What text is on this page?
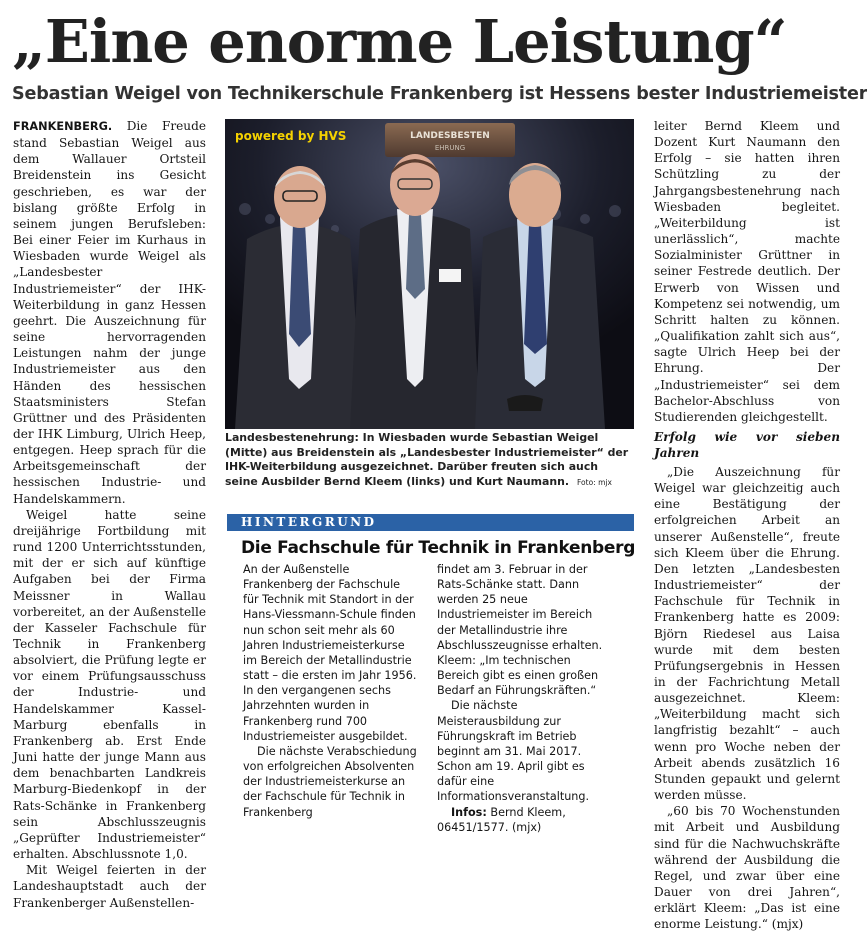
„Eine enorme Leistung“
Sebastian Weigel von Technikerschule Frankenberg ist Hessens bester Industriemeister

FRANKENBERG. Die Freude stand Sebastian Weigel aus dem Wallauer Ortsteil Breidenstein ins Gesicht geschrieben, es war der bislang größte Erfolg in seinem jungen Berufsleben: Bei einer Feier im Kurhaus in Wiesbaden wurde Weigel als „Landesbester Industriemeister“ der IHK-Weiterbildung in ganz Hessen geehrt. Die Auszeichnung für seine hervorragenden Leistungen nahm der junge Industriemeister aus den Händen des hessischen Staatsministers Stefan Grüttner und des Präsidenten der IHK Limburg, Ulrich Heep, entgegen. Heep sprach für die Arbeitsgemeinschaft der hessischen Industrie- und Handelskammern.

Weigel hatte seine dreijährige Fortbildung mit rund 1200 Unterrichtsstunden, mit der er sich auf künftige Aufgaben bei der Firma Meissner in Wallau vorbereitet, an der Außenstelle der Kasseler Fachschule für Technik in Frankenberg absolviert, die Prüfung legte er vor einem Prüfungsausschuss der Industrie- und Handelskammer Kassel-Marburg ebenfalls in Frankenberg ab. Erst Ende Juni hatte der junge Mann aus dem benachbarten Landkreis Marburg-Biedenkopf in der Rats-Schänke in Frankenberg sein Abschlusszeugnis „Geprüfter Industriemeister“ erhalten. Abschlussnote 1,0.

Mit Weigel feierten in der Landeshauptstadt auch der Frankenberger Außenstellen-

LANDESBESTEN
EHRUNG
powered by HVS
Landesbestenehrung: In Wiesbaden wurde Sebastian Weigel (Mitte) aus Breidenstein als „Landesbester Industriemeister“ der IHK-Weiterbildung ausgezeichnet. Darüber freuten sich auch seine Ausbilder Bernd Kleem (links) und Kurt Naumann. Foto: mjx
HINTERGRUND
Die Fachschule für Technik in Frankenberg

An der Außenstelle Frankenberg der Fachschule für Technik mit Standort in der Hans-Viessmann-Schule finden nun schon seit mehr als 60 Jahren Industriemeisterkurse im Bereich der Metallindustrie statt – die ersten im Jahr 1956. In den vergangenen sechs Jahrzehnten wurden in Frankenberg rund 700 Industriemeister ausgebildet.

Die nächste Verabschiedung von erfolgreichen Absolventen der Industriemeisterkurse an der Fachschule für Technik in Frankenberg

findet am 3. Februar in der Rats-Schänke statt. Dann werden 25 neue Industriemeister im Bereich der Metallindustrie ihre Abschlusszeugnisse erhalten. Kleem: „Im technischen Bereich gibt es einen großen Bedarf an Führungskräften.“

Die nächste Meisterausbildung zur Führungskraft im Betrieb beginnt am 31. Mai 2017. Schon am 19. April gibt es dafür eine Informationsveranstaltung.

Infos: Bernd Kleem, 06451/1577. (mjx)

leiter Bernd Kleem und Dozent Kurt Naumann den Erfolg – sie hatten ihren Schützling zu der Jahrgangsbestenehrung nach Wiesbaden begleitet. „Weiterbildung ist unerlässlich“, machte Sozialminister Grüttner in seiner Festrede deutlich. Der Erwerb von Wissen und Kompetenz sei notwendig, um Schritt halten zu können. „Qualifikation zahlt sich aus“, sagte Ulrich Heep bei der Ehrung. Der „Industriemeister“ sei dem Bachelor-Abschluss von Studierenden gleichgestellt.

Erfolg wie vor sieben Jahren

„Die Auszeichnung für Weigel war gleichzeitig auch eine Bestätigung der erfolgreichen Arbeit an unserer Außenstelle“, freute sich Kleem über die Ehrung. Den letzten „Landesbesten Industriemeister“ der Fachschule für Technik in Frankenberg hatte es 2009: Björn Riedesel aus Laisa wurde mit dem besten Prüfungsergebnis in Hessen in der Fachrichtung Metall ausgezeichnet. Kleem: „Weiterbildung macht sich langfristig bezahlt“ – auch wenn pro Woche neben der Arbeit abends zusätzlich 16 Stunden gepaukt und gelernt werden müsse.

„60 bis 70 Wochenstunden mit Arbeit und Ausbildung sind für die Nachwuchskräfte während der Ausbildung die Regel, und zwar über eine Dauer von drei Jahren“, erklärt Kleem: „Das ist eine enorme Leistung.“ (mjx)
